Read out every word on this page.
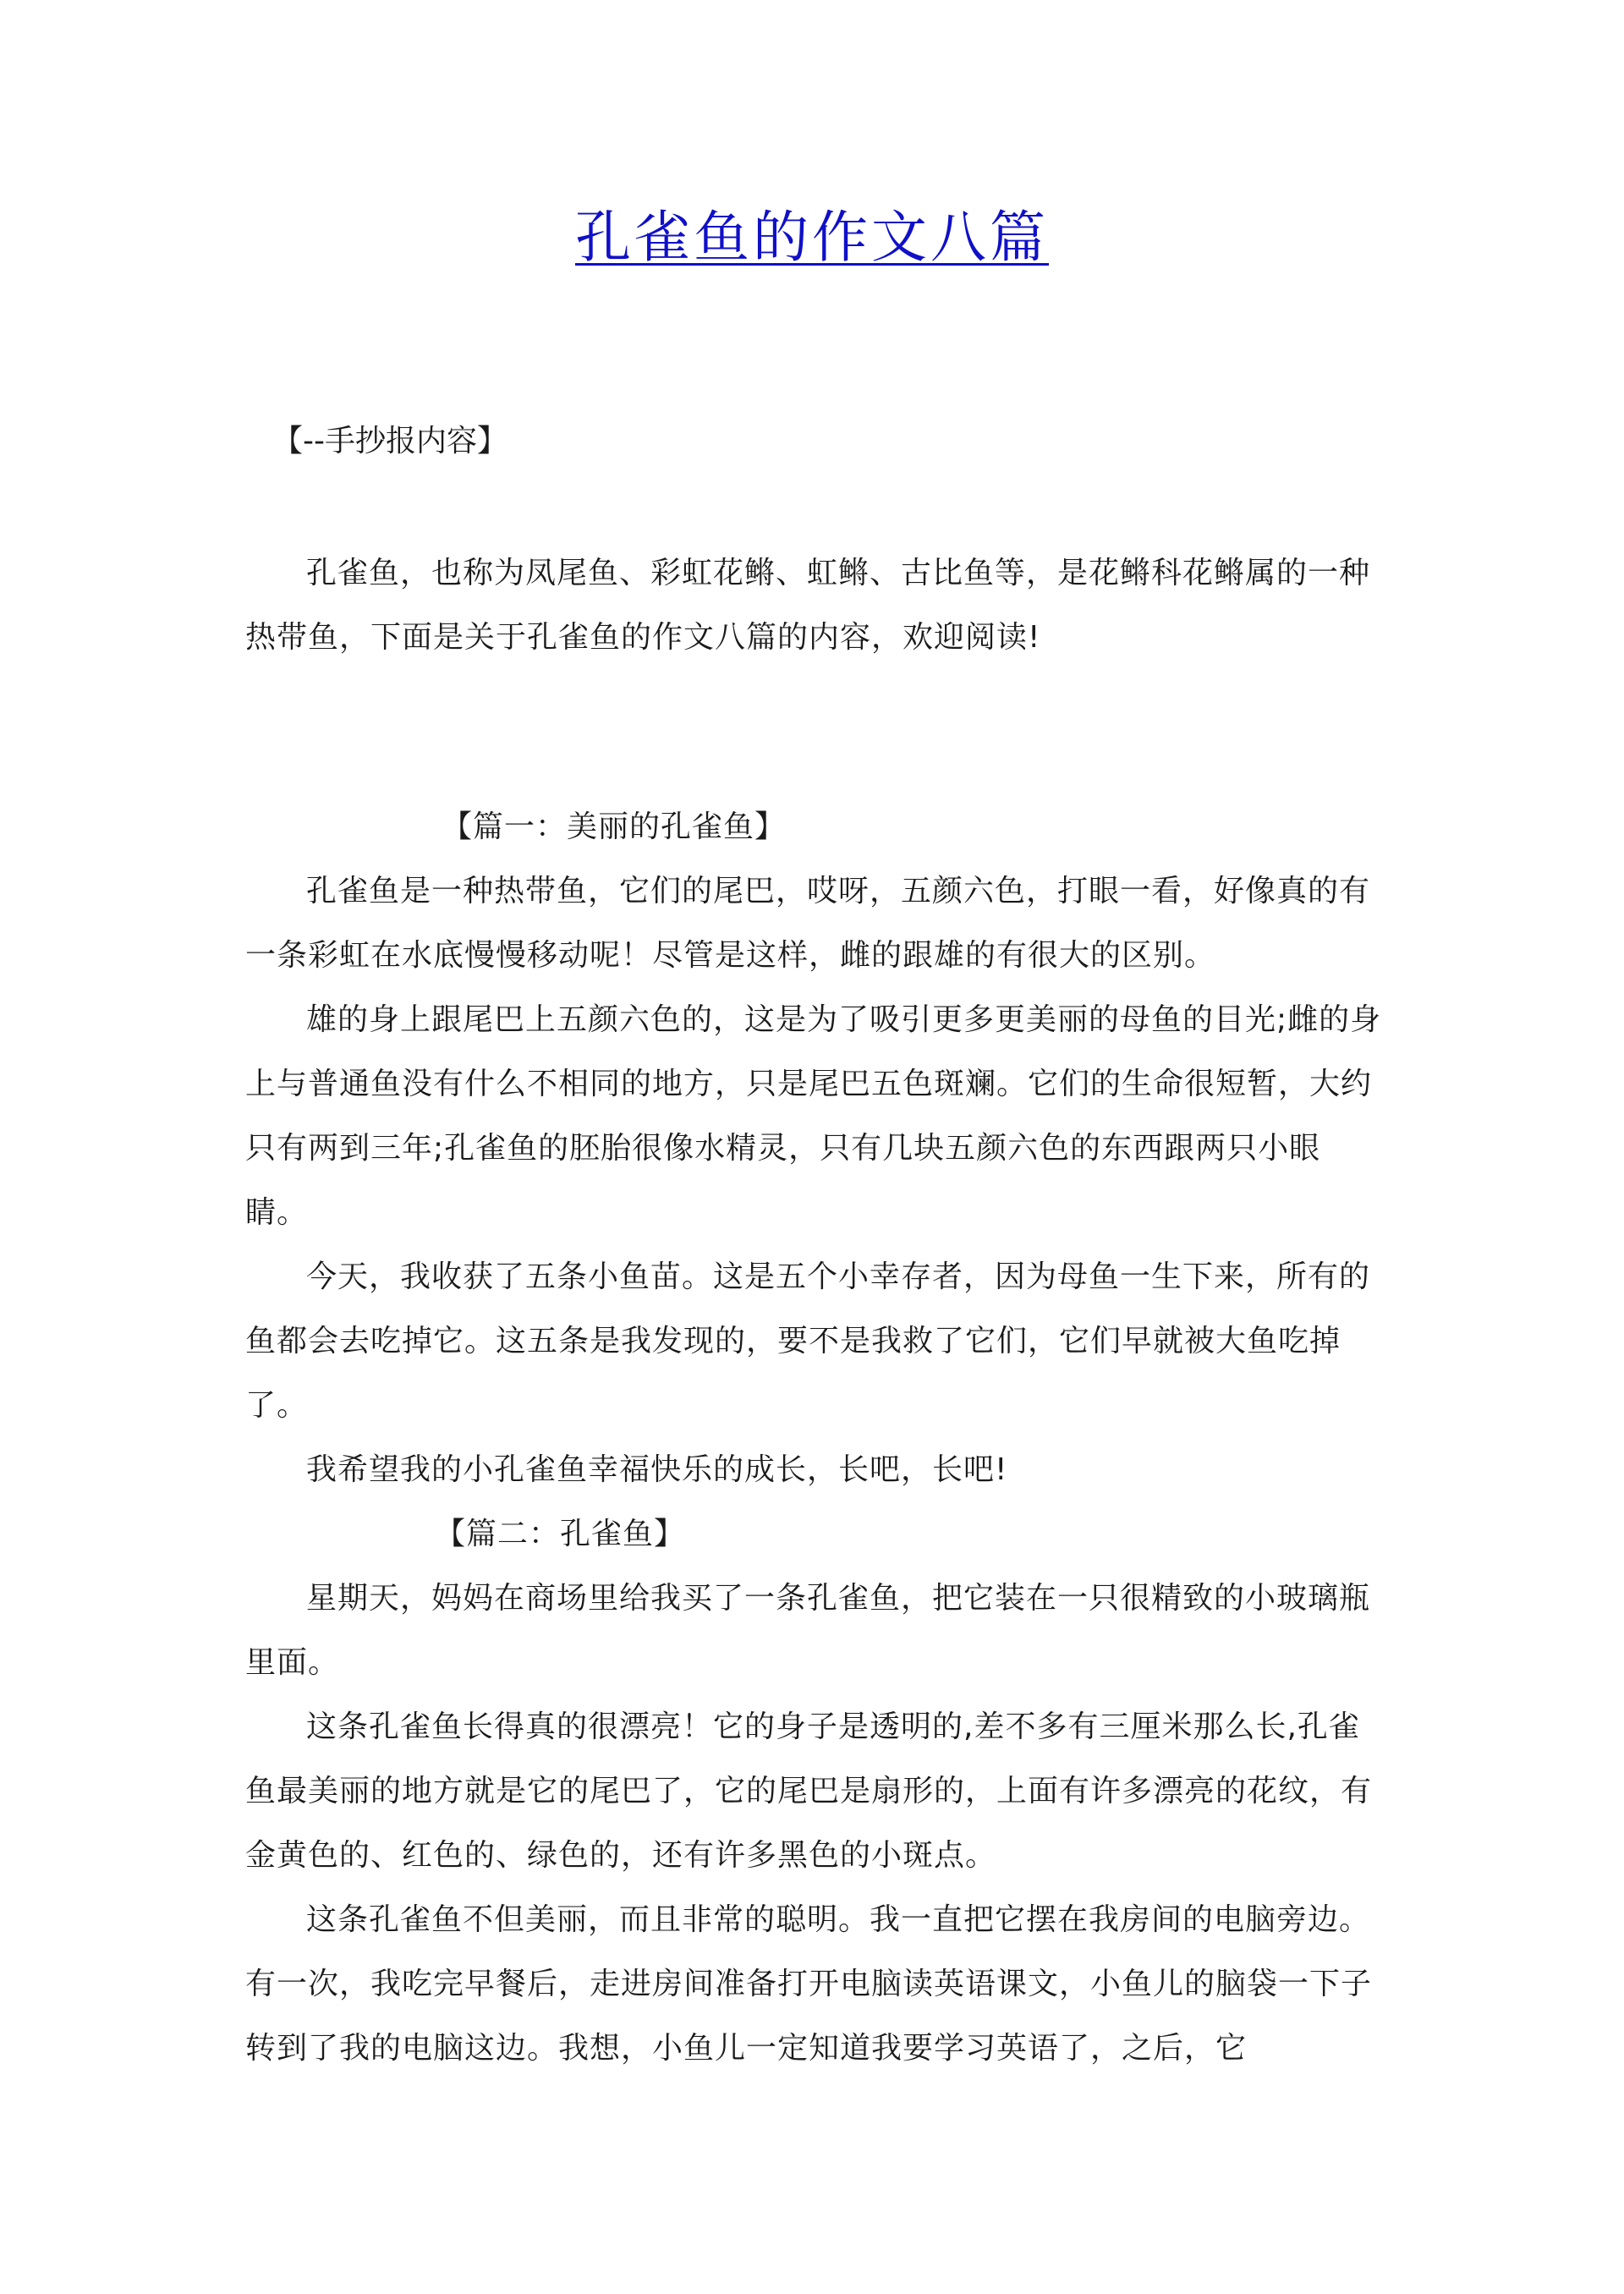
孔雀鱼的作文八篇
【--手抄报内容】

孔雀鱼，也称为凤尾鱼、彩虹花鳉、虹鳉、古比鱼等，是花鳉科花鳉属的一种热带鱼，下面是关于孔雀鱼的作文八篇的内容，欢迎阅读!

【篇一：美丽的孔雀鱼】

孔雀鱼是一种热带鱼，它们的尾巴，哎呀，五颜六色，打眼一看，好像真的有一条彩虹在水底慢慢移动呢！尽管是这样，雌的跟雄的有很大的区别。

雄的身上跟尾巴上五颜六色的，这是为了吸引更多更美丽的母鱼的目光;雌的身上与普通鱼没有什么不相同的地方，只是尾巴五色斑斓。它们的生命很短暂，大约只有两到三年;孔雀鱼的胚胎很像水精灵，只有几块五颜六色的东西跟两只小眼睛。

今天，我收获了五条小鱼苗。这是五个小幸存者，因为母鱼一生下来，所有的鱼都会去吃掉它。这五条是我发现的，要不是我救了它们，它们早就被大鱼吃掉了。

我希望我的小孔雀鱼幸福快乐的成长，长吧，长吧!

【篇二：孔雀鱼】

星期天，妈妈在商场里给我买了一条孔雀鱼，把它装在一只很精致的小玻璃瓶里面。

这条孔雀鱼长得真的很漂亮！它的身子是透明的,差不多有三厘米那么长,孔雀鱼最美丽的地方就是它的尾巴了，它的尾巴是扇形的，上面有许多漂亮的花纹，有金黄色的、红色的、绿色的，还有许多黑色的小斑点。

这条孔雀鱼不但美丽，而且非常的聪明。我一直把它摆在我房间的电脑旁边。有一次，我吃完早餐后，走进房间准备打开电脑读英语课文，小鱼儿的脑袋一下子转到了我的电脑这边。我想，小鱼儿一定知道我要学习英语了，之后，它
